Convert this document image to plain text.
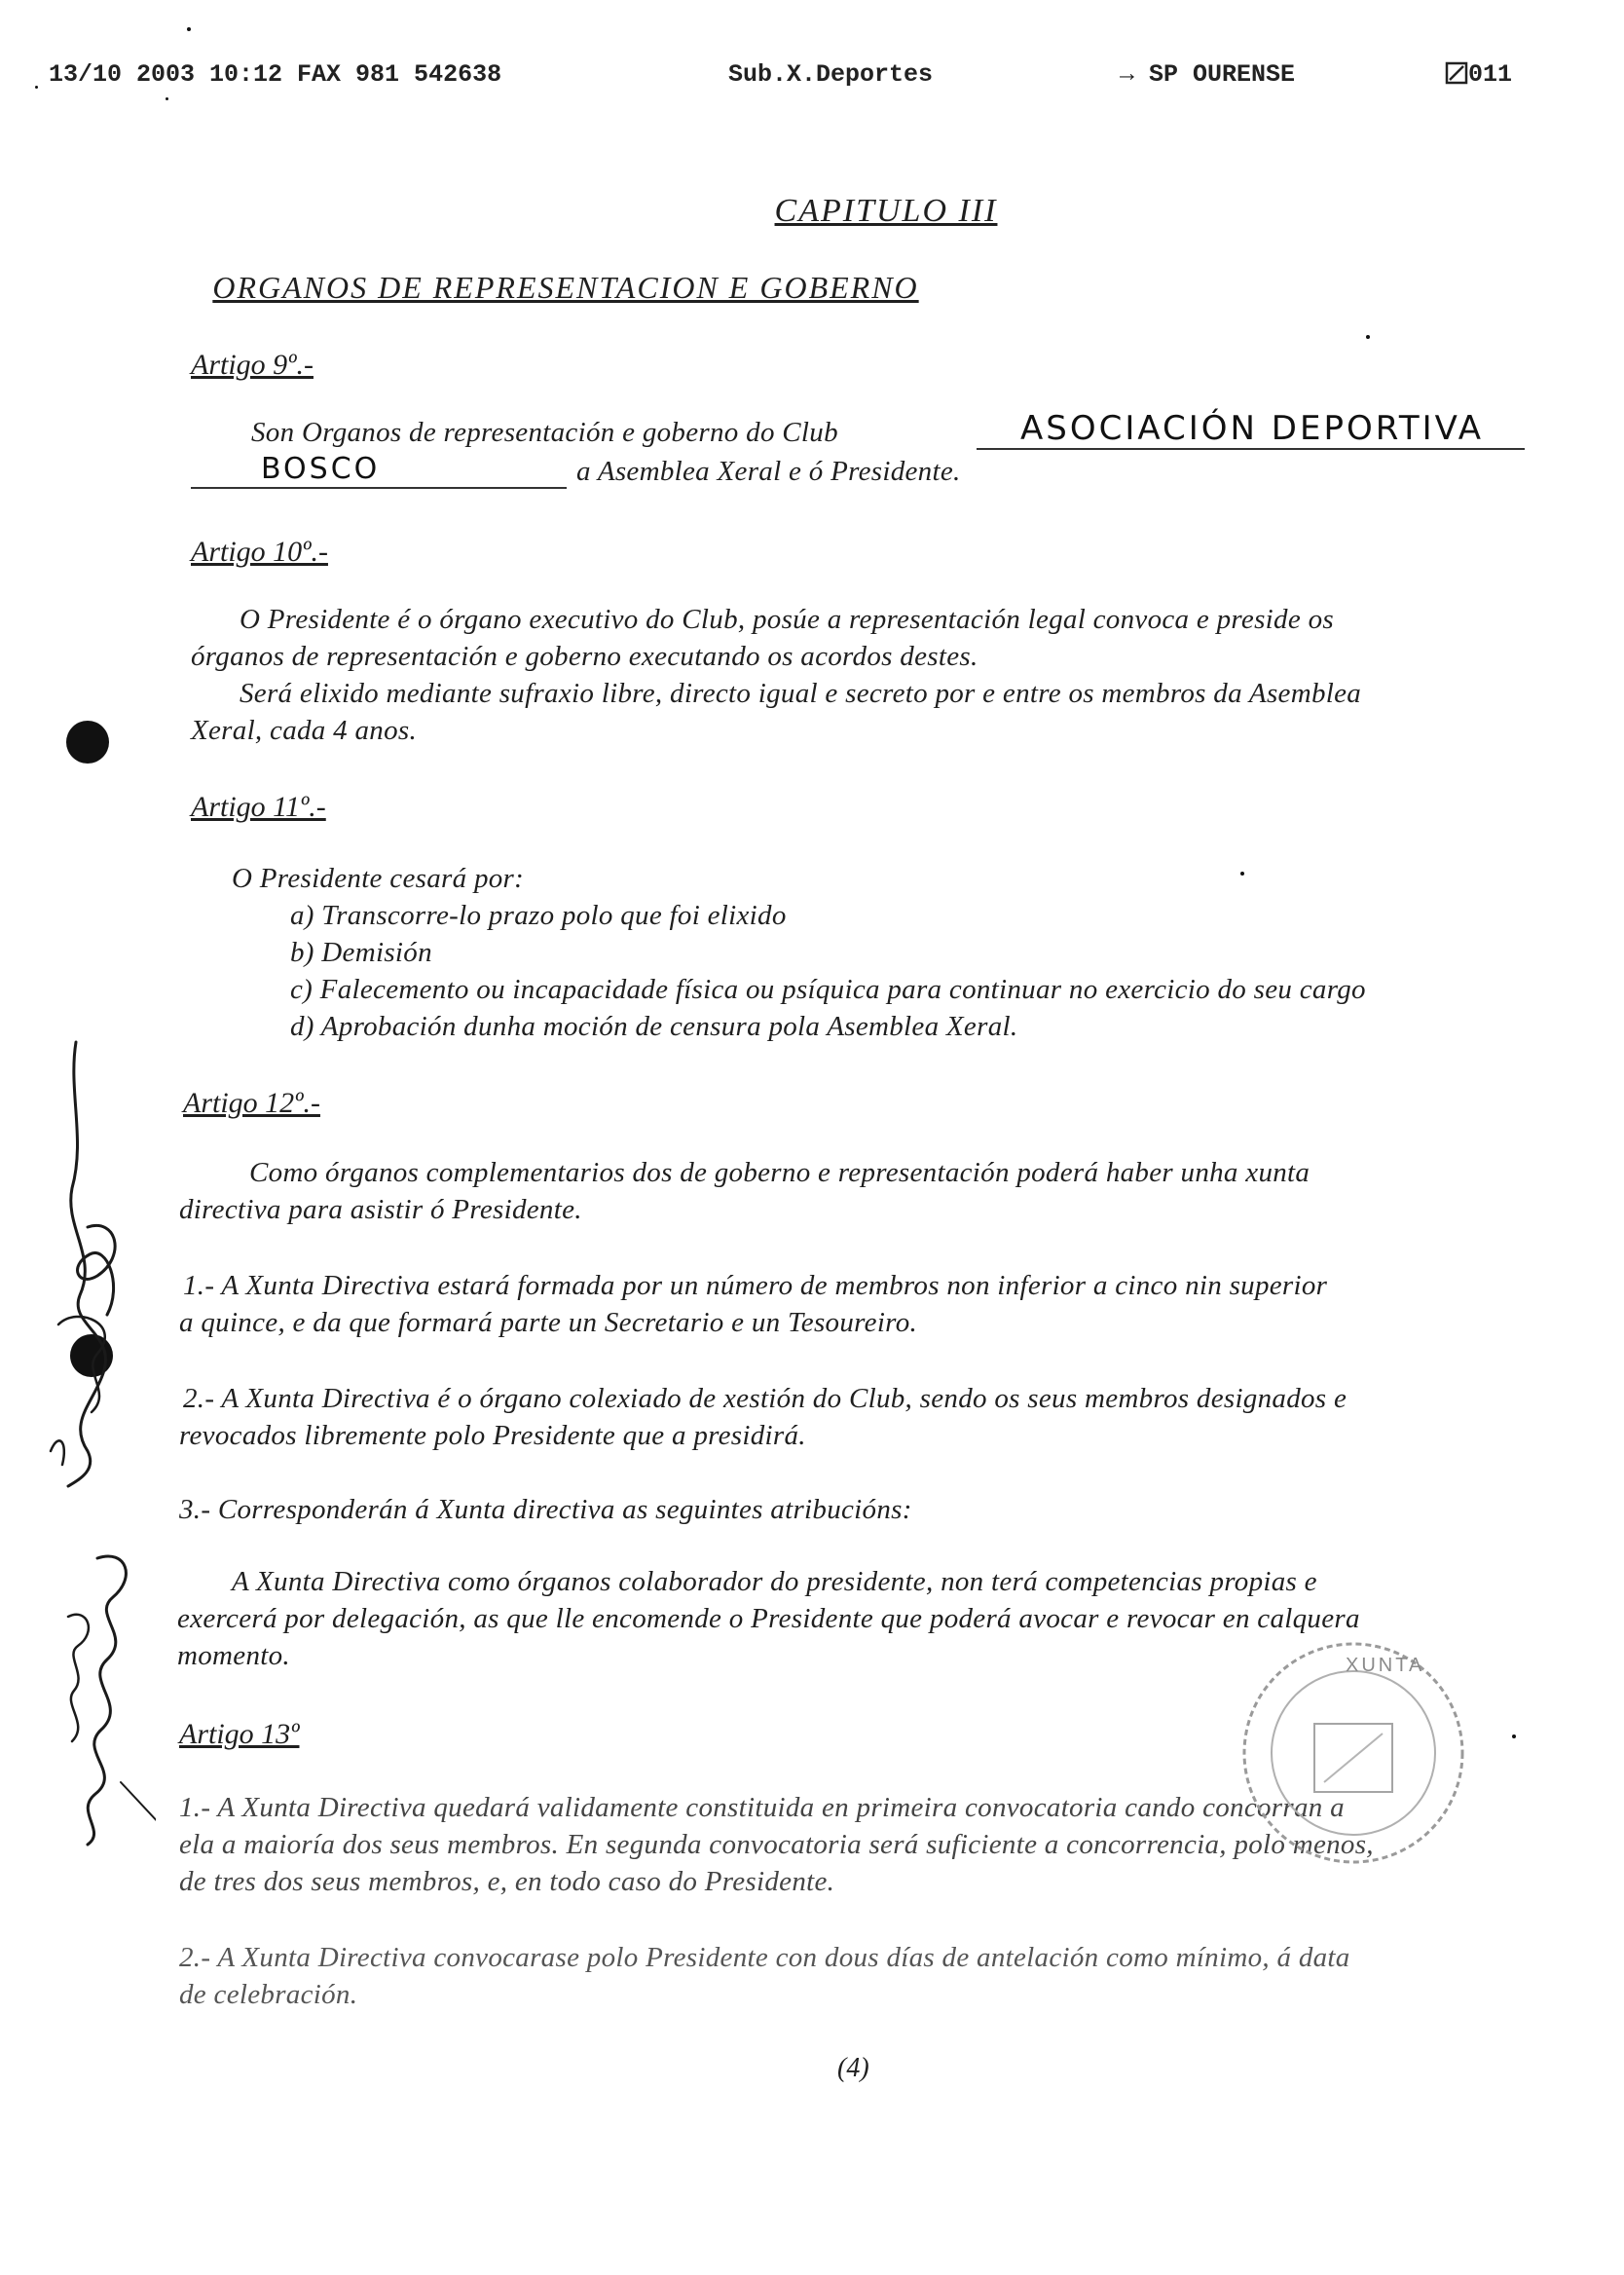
13/10 2003 10:12 FAX 981 542638	Sub.X.Deportes	→ SP OURENSE	011
CAPITULO III
ORGANOS DE REPRESENTACION E GOBERNO
Artigo 9º.-
Son Organos de representación e goberno do Club	ASOCIACIÓN DEPORTIVA
BOSCO	a Asemblea Xeral e ó Presidente.
Artigo 10º.-
O Presidente é o órgano executivo do Club, posúe a representación legal convoca e preside os
órganos de representación e goberno executando os acordos destes.
Será elixido mediante sufraxio libre, directo igual e secreto por e entre os membros da Asemblea
Xeral, cada 4 anos.
Artigo 11º.-
O Presidente cesará por:
a) Transcorre-lo prazo polo que foi elixido
b) Demisión
c) Falecemento ou incapacidade física ou psíquica para continuar no exercicio do seu cargo
d) Aprobación dunha moción de censura pola Asemblea Xeral.
Artigo 12º.-
Como órganos complementarios dos de goberno e representación poderá haber unha xunta
directiva para asistir ó Presidente.
1.- A Xunta Directiva estará formada por un número de membros non inferior a cinco nin superior
a quince, e da que formará parte un Secretario e un Tesoureiro.
2.- A Xunta Directiva é o órgano colexiado de xestión do Club, sendo os seus membros designados e
revocados libremente polo Presidente que a presidirá.
3.- Corresponderán á Xunta directiva as seguintes atribucións:
A Xunta Directiva como órganos colaborador do presidente, non terá competencias propias e
exercerá por delegación, as que lle encomende o Presidente que poderá avocar e revocar en calquera
momento.
Artigo 13º
1.- A Xunta Directiva quedará validamente constituida en primeira convocatoria cando concorran a
ela a maioría dos seus membros. En segunda convocatoria será suficiente a concorrencia, polo menos,
de tres dos seus membros, e, en todo caso do Presidente.
2.- A Xunta Directiva convocarase polo Presidente con dous días de antelación como mínimo, á data
de celebración.
(4)
XUNTA
